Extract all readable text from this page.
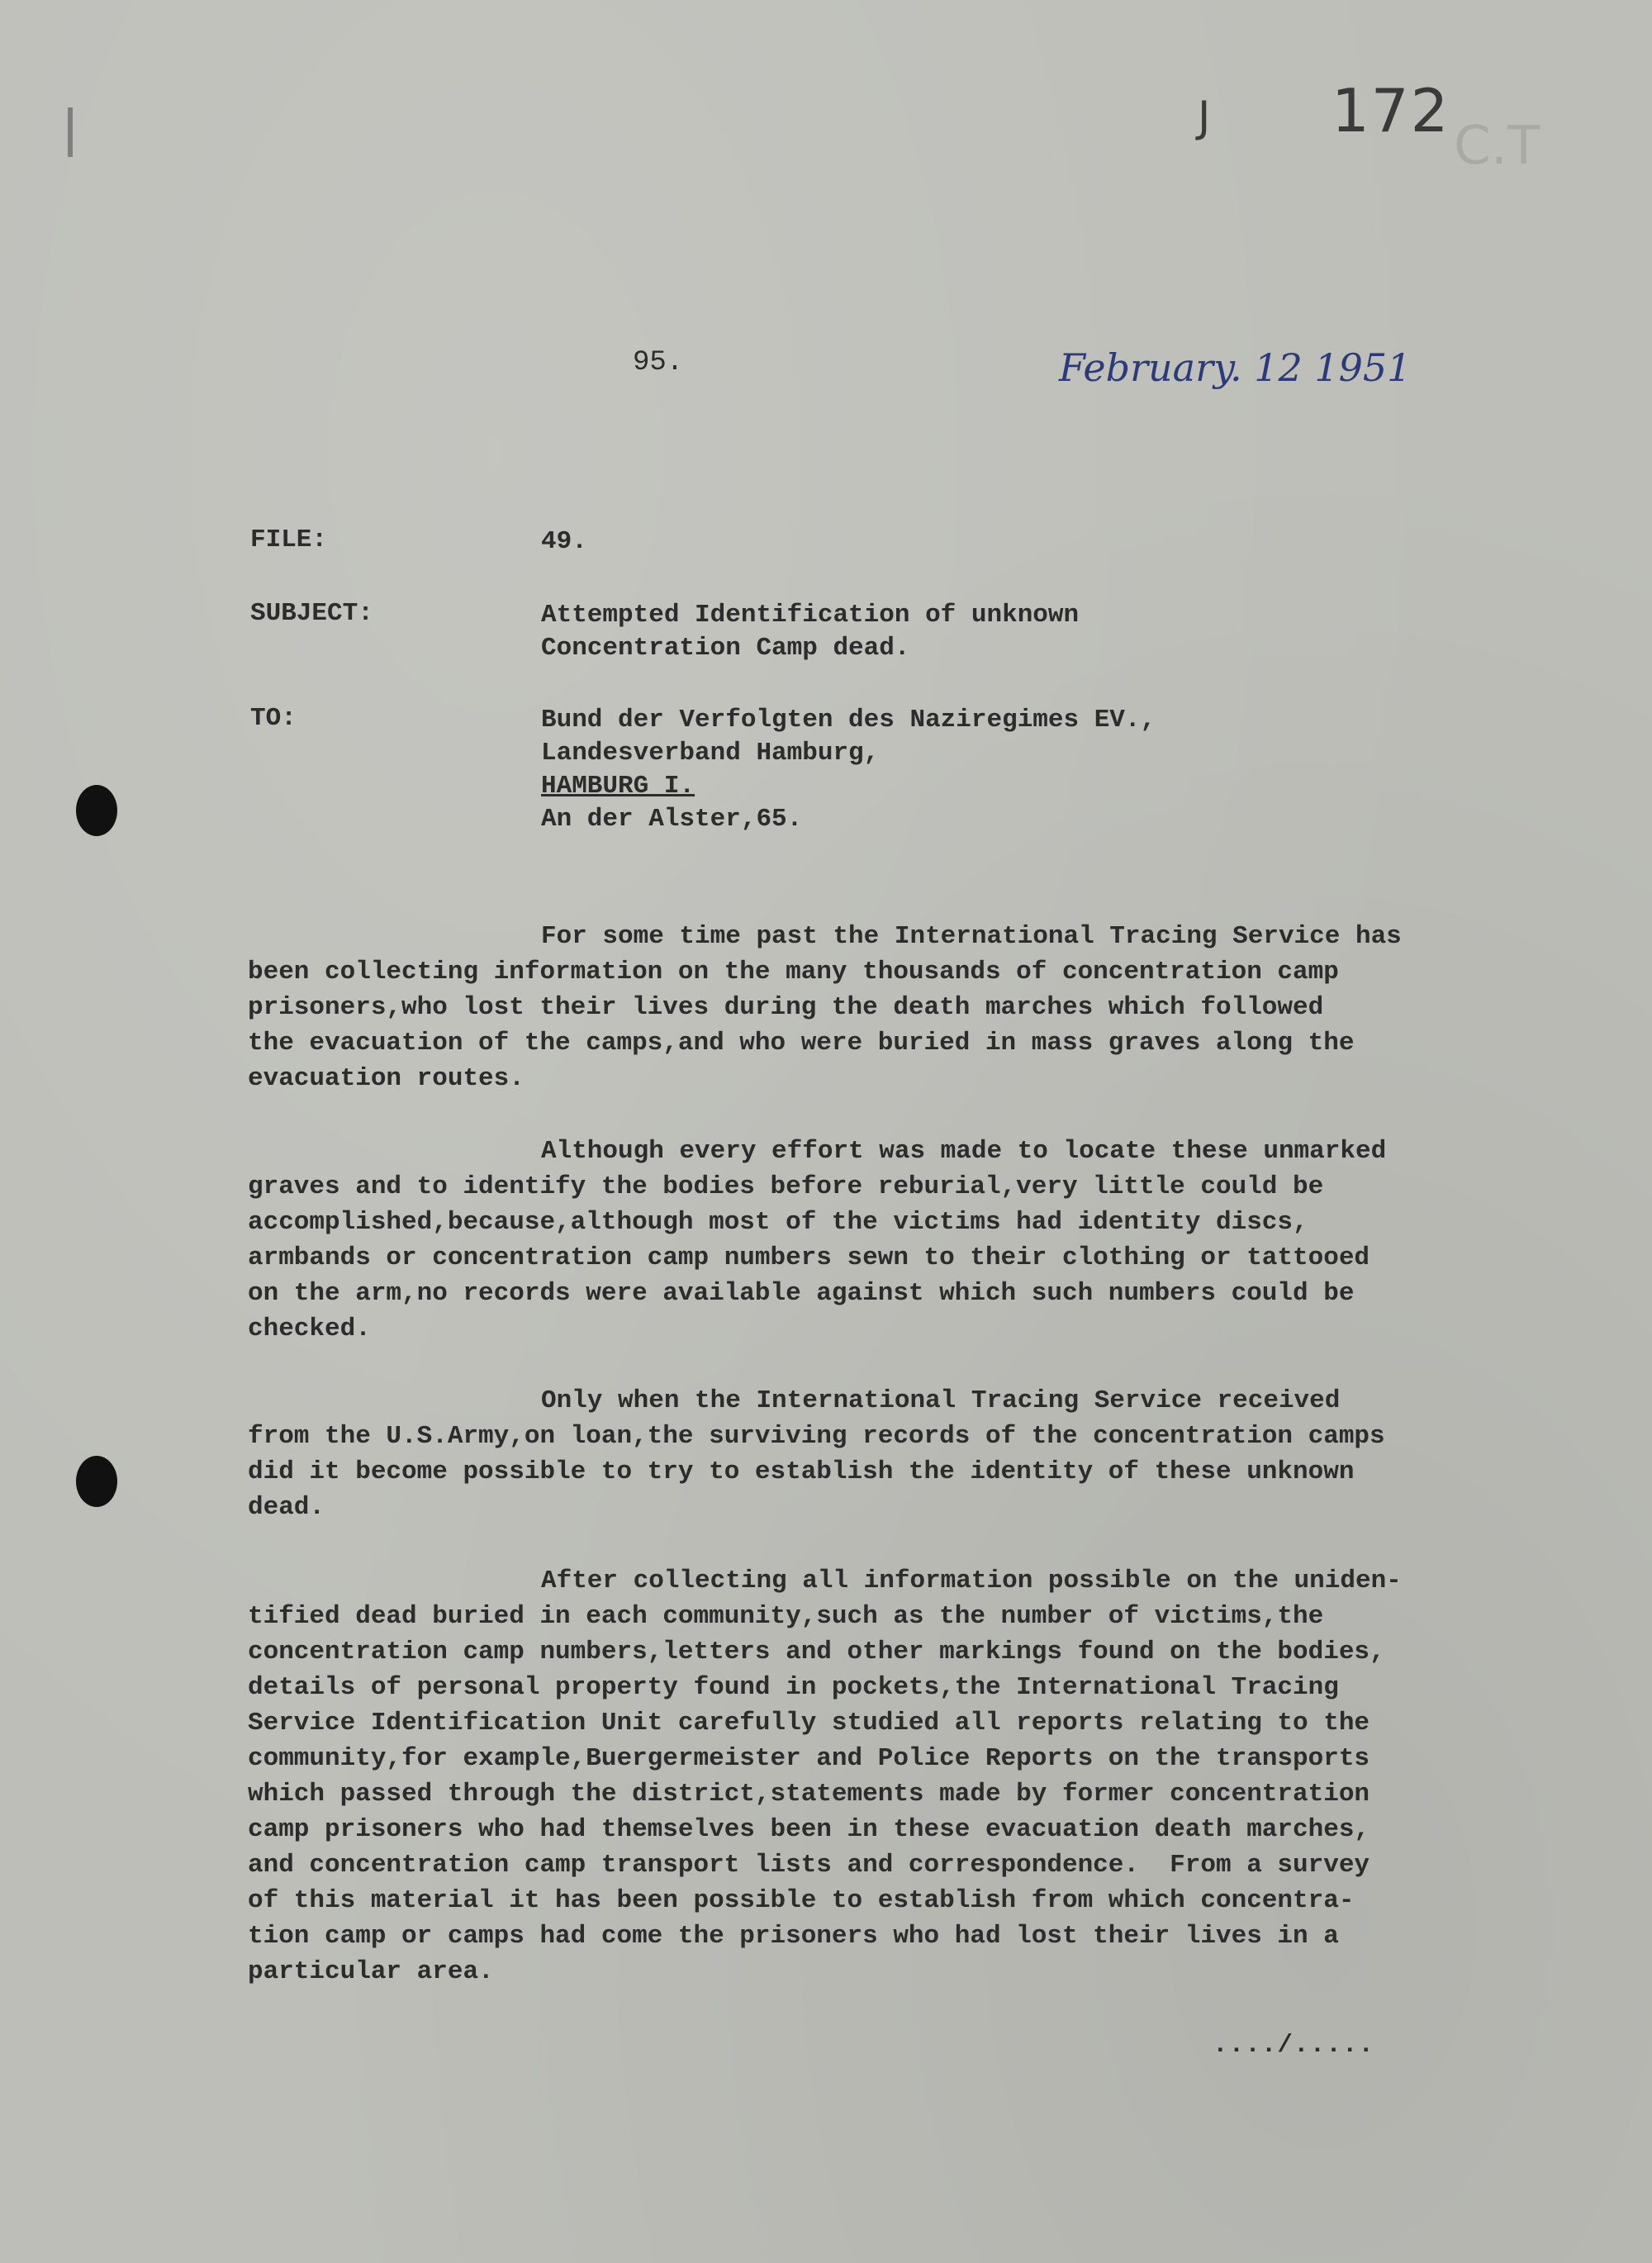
J 172
C.T
95.	February. 12 1951
FILE:	49.
SUBJECT:	Attempted Identification of unknown
Concentration Camp dead.
TO:	Bund der Verfolgten des Naziregimes EV.,
Landesverband Hamburg,
HAMBURG I.
An der Alster,65.
For some time past the International Tracing Service has
been collecting information on the many thousands of concentration camp
prisoners,who lost their lives during the death marches which followed
the evacuation of the camps,and who were buried in mass graves along the
evacuation routes.
Although every effort was made to locate these unmarked
graves and to identify the bodies before reburial,very little could be
accomplished,because,although most of the victims had identity discs,
armbands or concentration camp numbers sewn to their clothing or tattooed
on the arm,no records were available against which such numbers could be
checked.
Only when the International Tracing Service received
from the U.S.Army,on loan,the surviving records of the concentration camps
did it become possible to try to establish the identity of these unknown
dead.
After collecting all information possible on the uniden-
tified dead buried in each community,such as the number of victims,the
concentration camp numbers,letters and other markings found on the bodies,
details of personal property found in pockets,the International Tracing
Service Identification Unit carefully studied all reports relating to the
community,for example,Buergermeister and Police Reports on the transports
which passed through the district,statements made by former concentration
camp prisoners who had themselves been in these evacuation death marches,
and concentration camp transport lists and correspondence.  From a survey
of this material it has been possible to establish from which concentra-
tion camp or camps had come the prisoners who had lost their lives in a
particular area.
..../.....
